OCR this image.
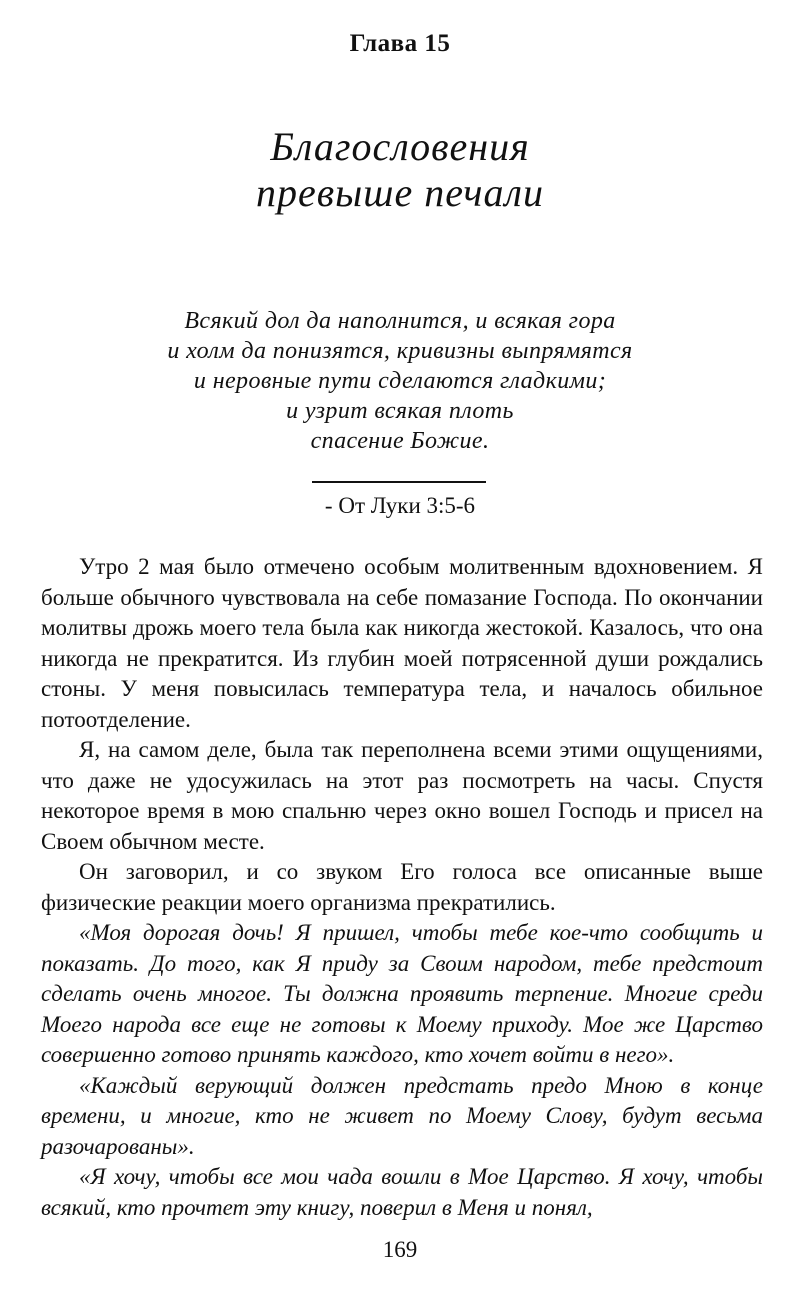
Глава 15
Благословения
превыше печали
Всякий дол да наполнится, и всякая гора
и холм да понизятся, кривизны выпрямятся
и неровные пути сделаются гладкими;
и узрит всякая плоть
спасение Божие.
- От Луки 3:5-6

Утро 2 мая было отмечено особым молитвенным вдохновением. Я больше обычного чувствовала на себе помазание Господа. По окончании молитвы дрожь моего тела была как никогда жестокой. Казалось, что она никогда не прекратится. Из глубин моей потрясенной души рождались стоны. У меня повысилась температура тела, и началось обильное потоотделение.

Я, на самом деле, была так переполнена всеми этими ощущениями, что даже не удосужилась на этот раз посмотреть на часы. Спустя некоторое время в мою спальню через окно вошел Господь и присел на Своем обычном месте.

Он заговорил, и со звуком Его голоса все описанные выше физические реакции моего организма прекратились.

«Моя дорогая дочь! Я пришел, чтобы тебе кое-что сообщить и показать. До того, как Я приду за Своим народом, тебе предстоит сделать очень многое. Ты должна проявить терпение. Многие среди Моего народа все еще не готовы к Моему приходу. Мое же Царство совершенно готово принять каждого, кто хочет войти в него».

«Каждый верующий должен предстать предо Мною в конце времени, и многие, кто не живет по Моему Слову, будут весьма разочарованы».

«Я хочу, чтобы все мои чада вошли в Мое Царство. Я хочу, чтобы всякий, кто прочтет эту книгу, поверил в Меня и понял,

169
